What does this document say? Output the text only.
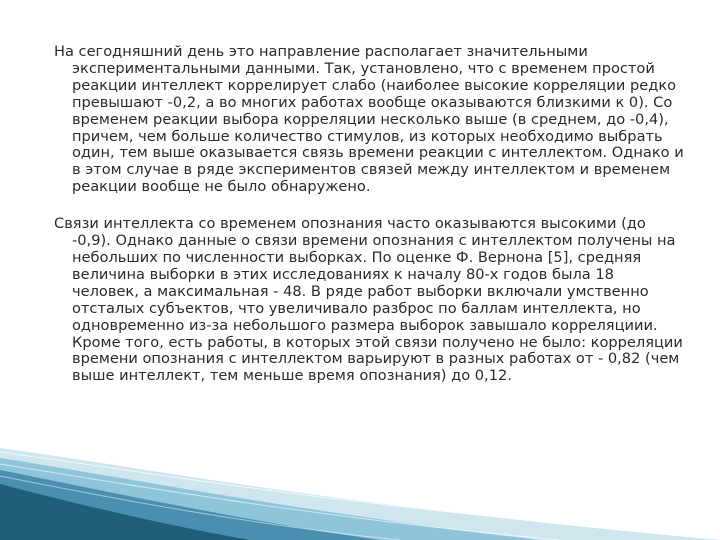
На сегодняшний день это направление располагает значительными экспериментальными данными. Так, установлено, что с временем простой реакции интеллект коррелирует слабо (наиболее высокие корреляции редко превышают -0,2, а во многих работах вообще оказываются близкими к 0). Со временем реакции выбора корреляции несколько выше (в среднем, до -0,4), причем, чем больше количество стимулов, из которых необходимо выбрать один, тем выше оказывается связь времени реакции с интеллектом. Однако и в этом случае в ряде экспериментов связей между интеллектом и временем реакции вообще не было обнаружено.

Связи интеллекта со временем опознания часто оказываются высокими (до -0,9). Однако данные о связи времени опознания с интеллектом получены на небольших по численности выборках. По оценке Ф. Вернона [5], средняя величина выборки в этих исследованиях к началу 80-х годов была 18 человек, а максимальная - 48. В ряде работ выборки включали умственно отсталых субъектов, что увеличивало разброс по баллам интеллекта, но одновременно из-за небольшого размера выборок завышало корреляциии. Кроме того, есть работы, в которых этой связи получено не было: корреляции времени опознания с интеллектом варьируют в разных работах от - 0,82 (чем выше интеллект, тем меньше время опознания) до 0,12.
